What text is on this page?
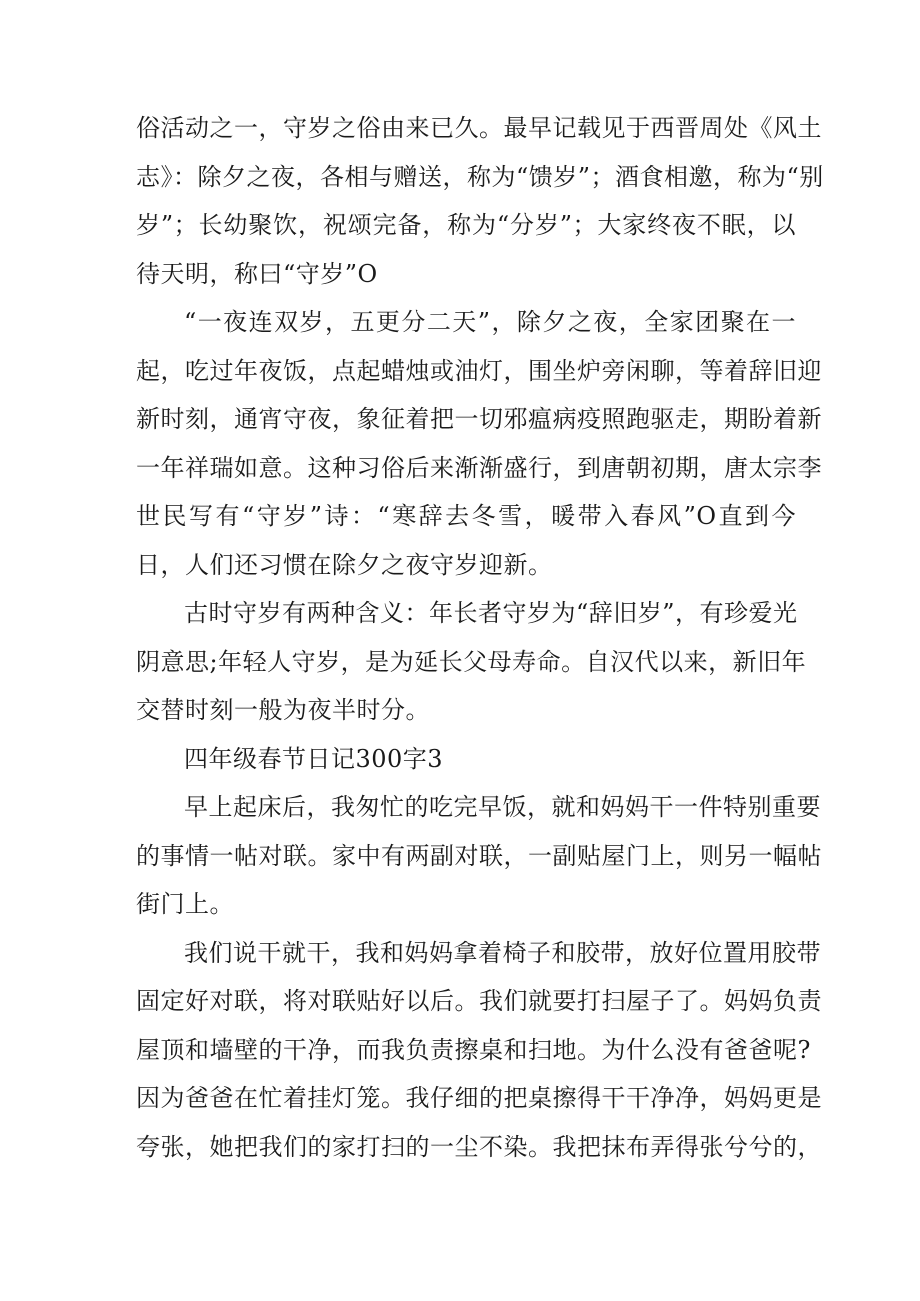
俗活动之一，守岁之俗由来已久。最早记载见于西晋周处《风土
志》：除夕之夜，各相与赠送，称为“馈岁”；酒食相邀，称为“别
岁”；长幼聚饮，祝颂完备，称为“分岁”；大家终夜不眠，以
待天明，称曰“守岁”O
“一夜连双岁，五更分二天”，除夕之夜，全家团聚在一
起，吃过年夜饭，点起蜡烛或油灯，围坐炉旁闲聊，等着辞旧迎
新时刻，通宵守夜，象征着把一切邪瘟病疫照跑驱走，期盼着新
一年祥瑞如意。这种习俗后来渐渐盛行，到唐朝初期，唐太宗李
世民写有“守岁”诗：“寒辞去冬雪，暖带入春风”O直到今
日，人们还习惯在除夕之夜守岁迎新。
古时守岁有两种含义：年长者守岁为“辞旧岁”，有珍爱光
阴意思;年轻人守岁，是为延长父母寿命。自汉代以来，新旧年
交替时刻一般为夜半时分。
四年级春节日记300字3
早上起床后，我匆忙的吃完早饭，就和妈妈干一件特别重要
的事情一帖对联。家中有两副对联，一副贴屋门上，则另一幅帖
街门上。
我们说干就干，我和妈妈拿着椅子和胶带，放好位置用胶带
固定好对联，将对联贴好以后。我们就要打扫屋子了。妈妈负责
屋顶和墙壁的干净，而我负责擦桌和扫地。为什么没有爸爸呢?
因为爸爸在忙着挂灯笼。我仔细的把桌擦得干干净净，妈妈更是
夸张，她把我们的家打扫的一尘不染。我把抹布弄得张兮兮的，
